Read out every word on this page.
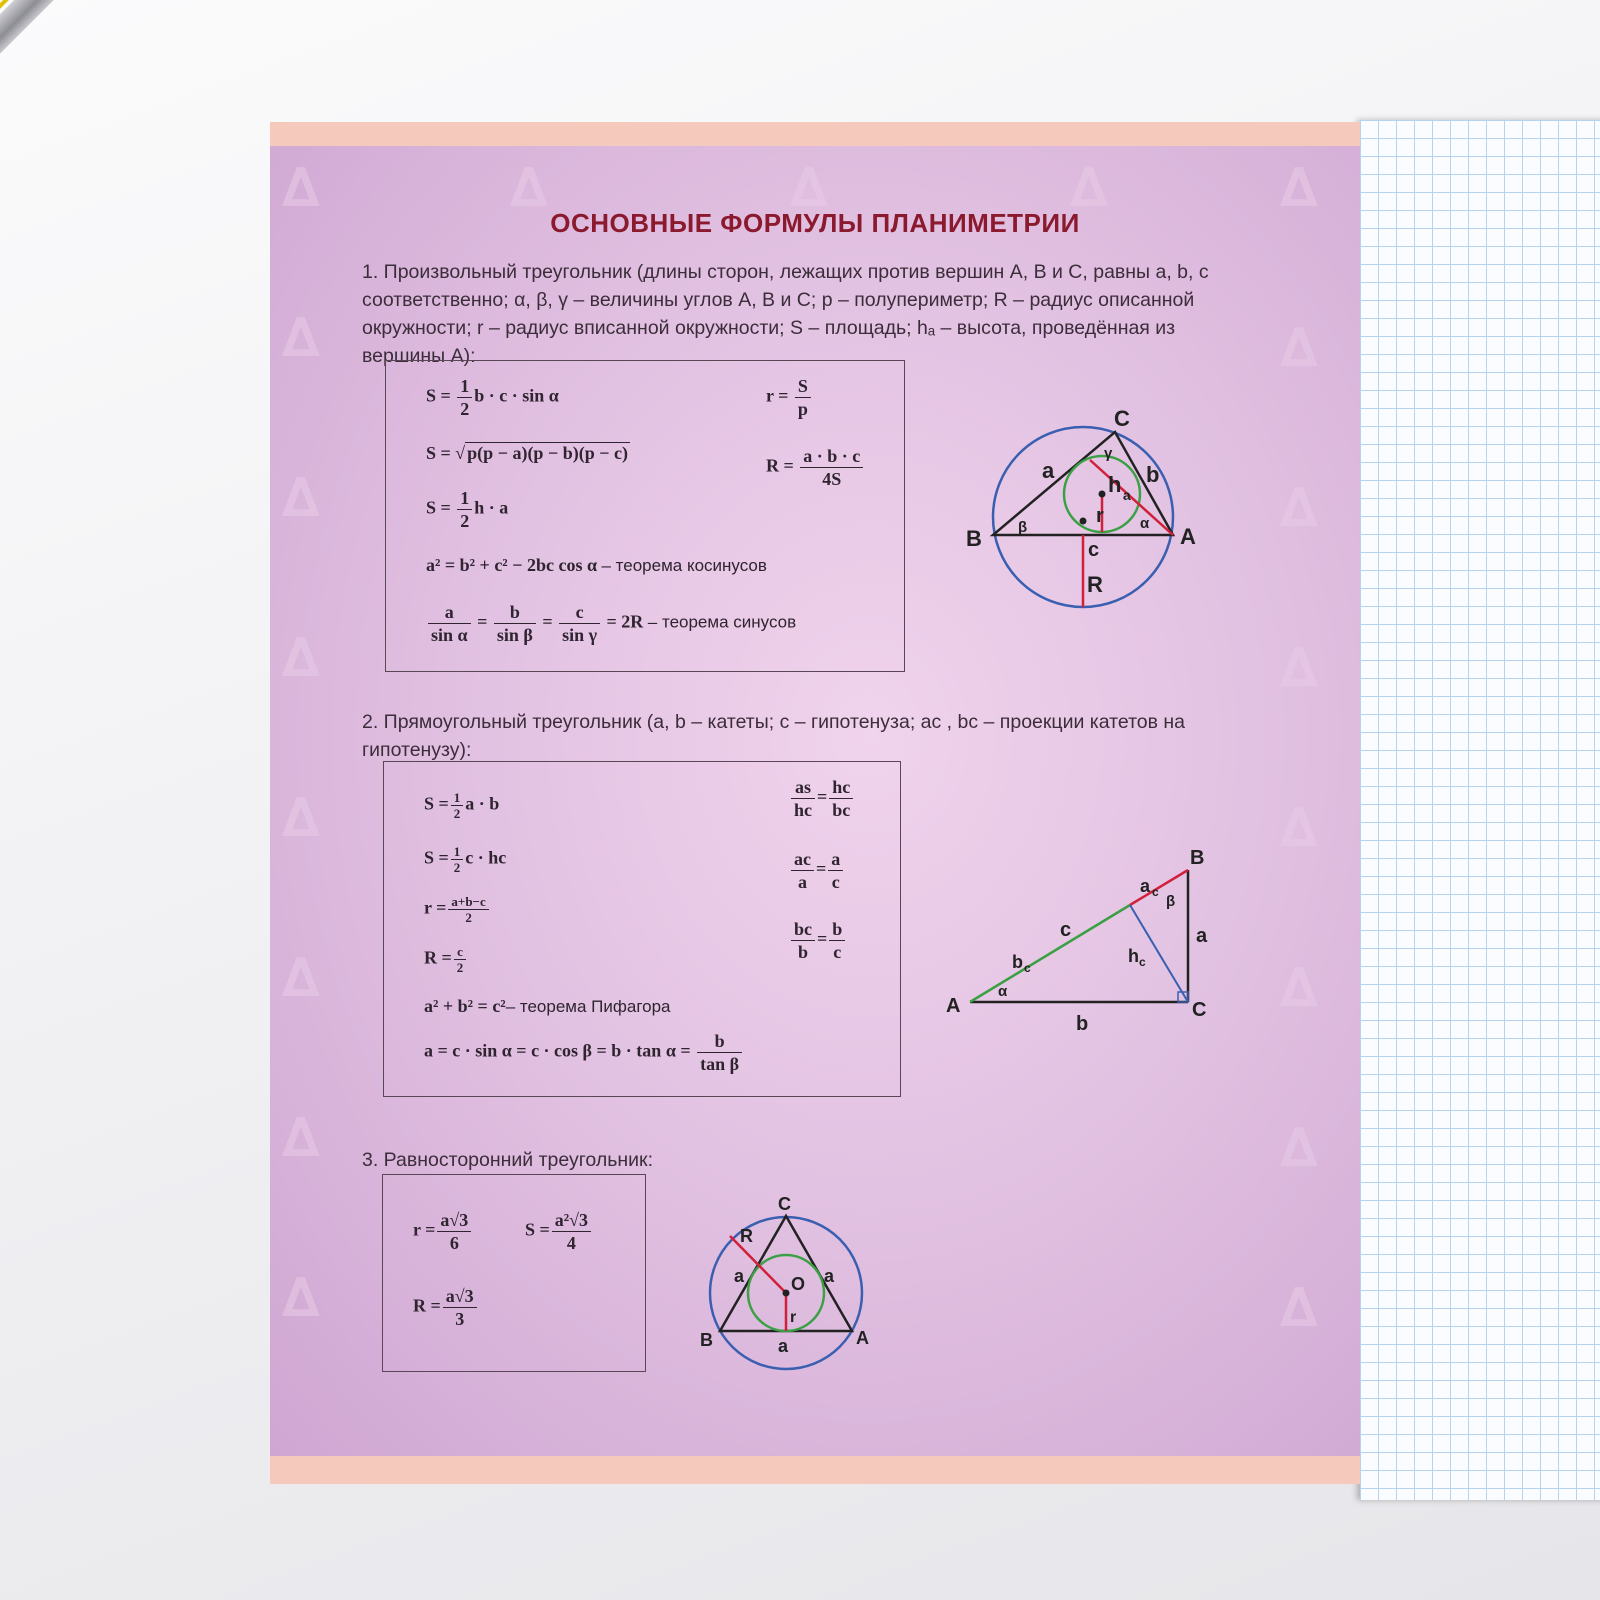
∆
∆
∆
∆
∆
∆
∆
∆
∆
∆
∆
∆
∆
∆
∆
∆
∆	∆	∆
ОСНОВНЫЕ ФОРМУЛЫ ПЛАНИМЕТРИИ
1. Произвольный треугольник (длины сторон, лежащих против вершин A, B и C, равны a, b, c соответственно; α, β, γ – величины углов A, B и C; p – полупериметр; R – радиус описанной окружности; r – радиус вписанной окружности; S – площадь; hₐ – высота, проведённая из вершины A):
$S = \frac{1}{2}$ b · c · sin α
S = √ p(p − a)(p − b)(p − c)
$S = \frac{1}{2}$ h · a
a² = b² + c² − 2bc cos α – теорема косинусов
$\frac{a}{\text{sin α}} = \frac{b}{\text{sin β}} = \frac{c}{\text{sin γ}} = 2R$ – теорема синусов
$r = \frac{S}{p}$
$R = \frac{a \cdot b \cdot c}{4S}$
B	A
C
a	b
c
h a
r
R
β	α
γ
2. Прямоугольный треугольник (a, b – катеты; c – гипотенуза; ac , bc – проекции катетов на гипотенузу):
$S = \frac{1}{2}$ a · b
$S = \frac{1}{2}$ c · hc
$r = \frac{a+b-c}{2}$
$R = \frac{c}{2}$
a² + b² = c²– теорема Пифагора
$a = c \cdot \sin \alpha = c \cdot \cos \beta = b \cdot \tan \alpha = \frac{b}{\text{tan β}}$
$\frac{as}{hc} = \frac{hc}{bc}$
$\frac{ac}{a} = \frac{a}{c}$
$\frac{bc}{b} = \frac{b}{c}$
A
B
C
a
b
c
a c
b c
h c
α
β
3. Равносторонний треугольник:
$r = \frac{a√3}{6}$	$S = \frac{\text{a²√3}}{4}$
$R = \frac{a√3}{3}$
C
B	A
O
R
r
a	a
a
